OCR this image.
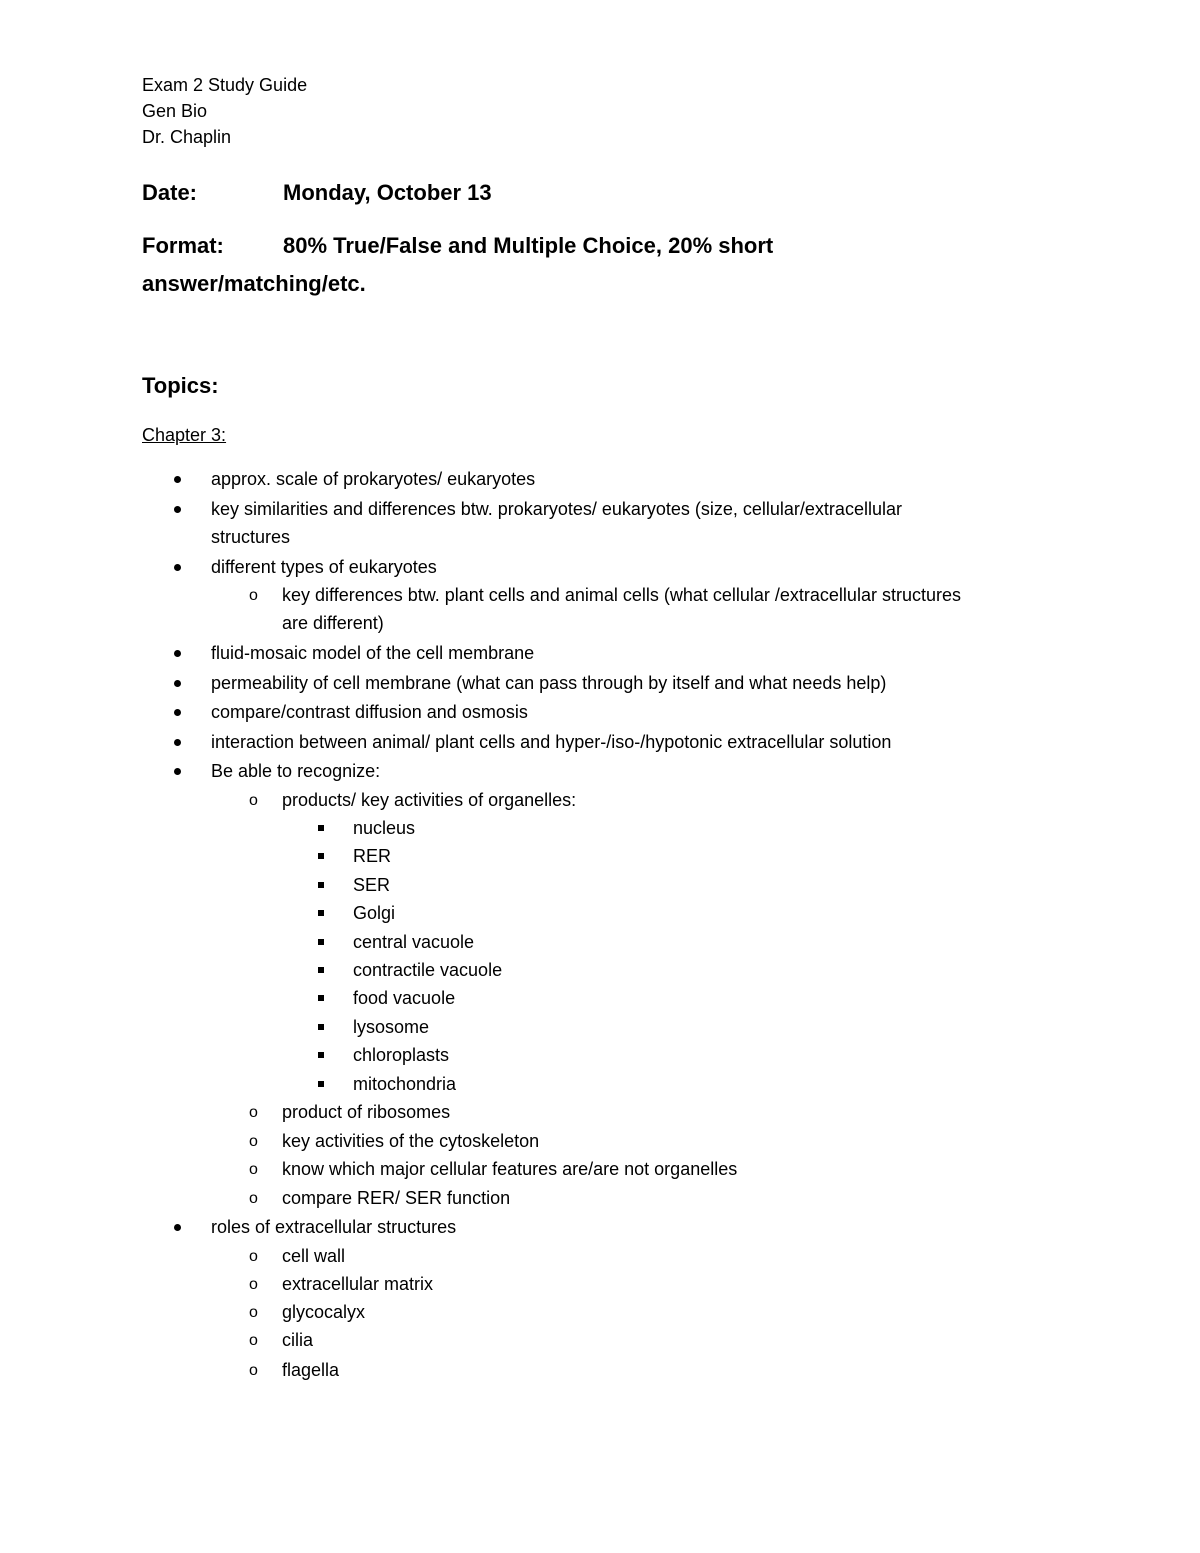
Exam 2 Study Guide
Gen Bio
Dr. Chaplin
Date:	Monday, October 13
Format:	80% True/False and Multiple Choice, 20% short
answer/matching/etc.
Topics:
Chapter 3:
approx. scale of prokaryotes/ eukaryotes
key similarities and differences btw. prokaryotes/ eukaryotes (size, cellular/extracellular
structures
different types of eukaryotes
o key differences btw. plant cells and animal cells (what cellular /extracellular structures
are different)
fluid-mosaic model of the cell membrane
permeability of cell membrane (what can pass through by itself and what needs help)
compare/contrast diffusion and osmosis
interaction between animal/ plant cells and hyper-/iso-/hypotonic extracellular solution
Be able to recognize:
o products/ key activities of organelles:
nucleus
RER
SER
Golgi
central vacuole
contractile vacuole
food vacuole
lysosome
chloroplasts
mitochondria
o product of ribosomes
o key activities of the cytoskeleton
o know which major cellular features are/are not organelles
o compare RER/ SER function
roles of extracellular structures
o cell wall
o extracellular matrix
o glycocalyx
o cilia
o flagella
